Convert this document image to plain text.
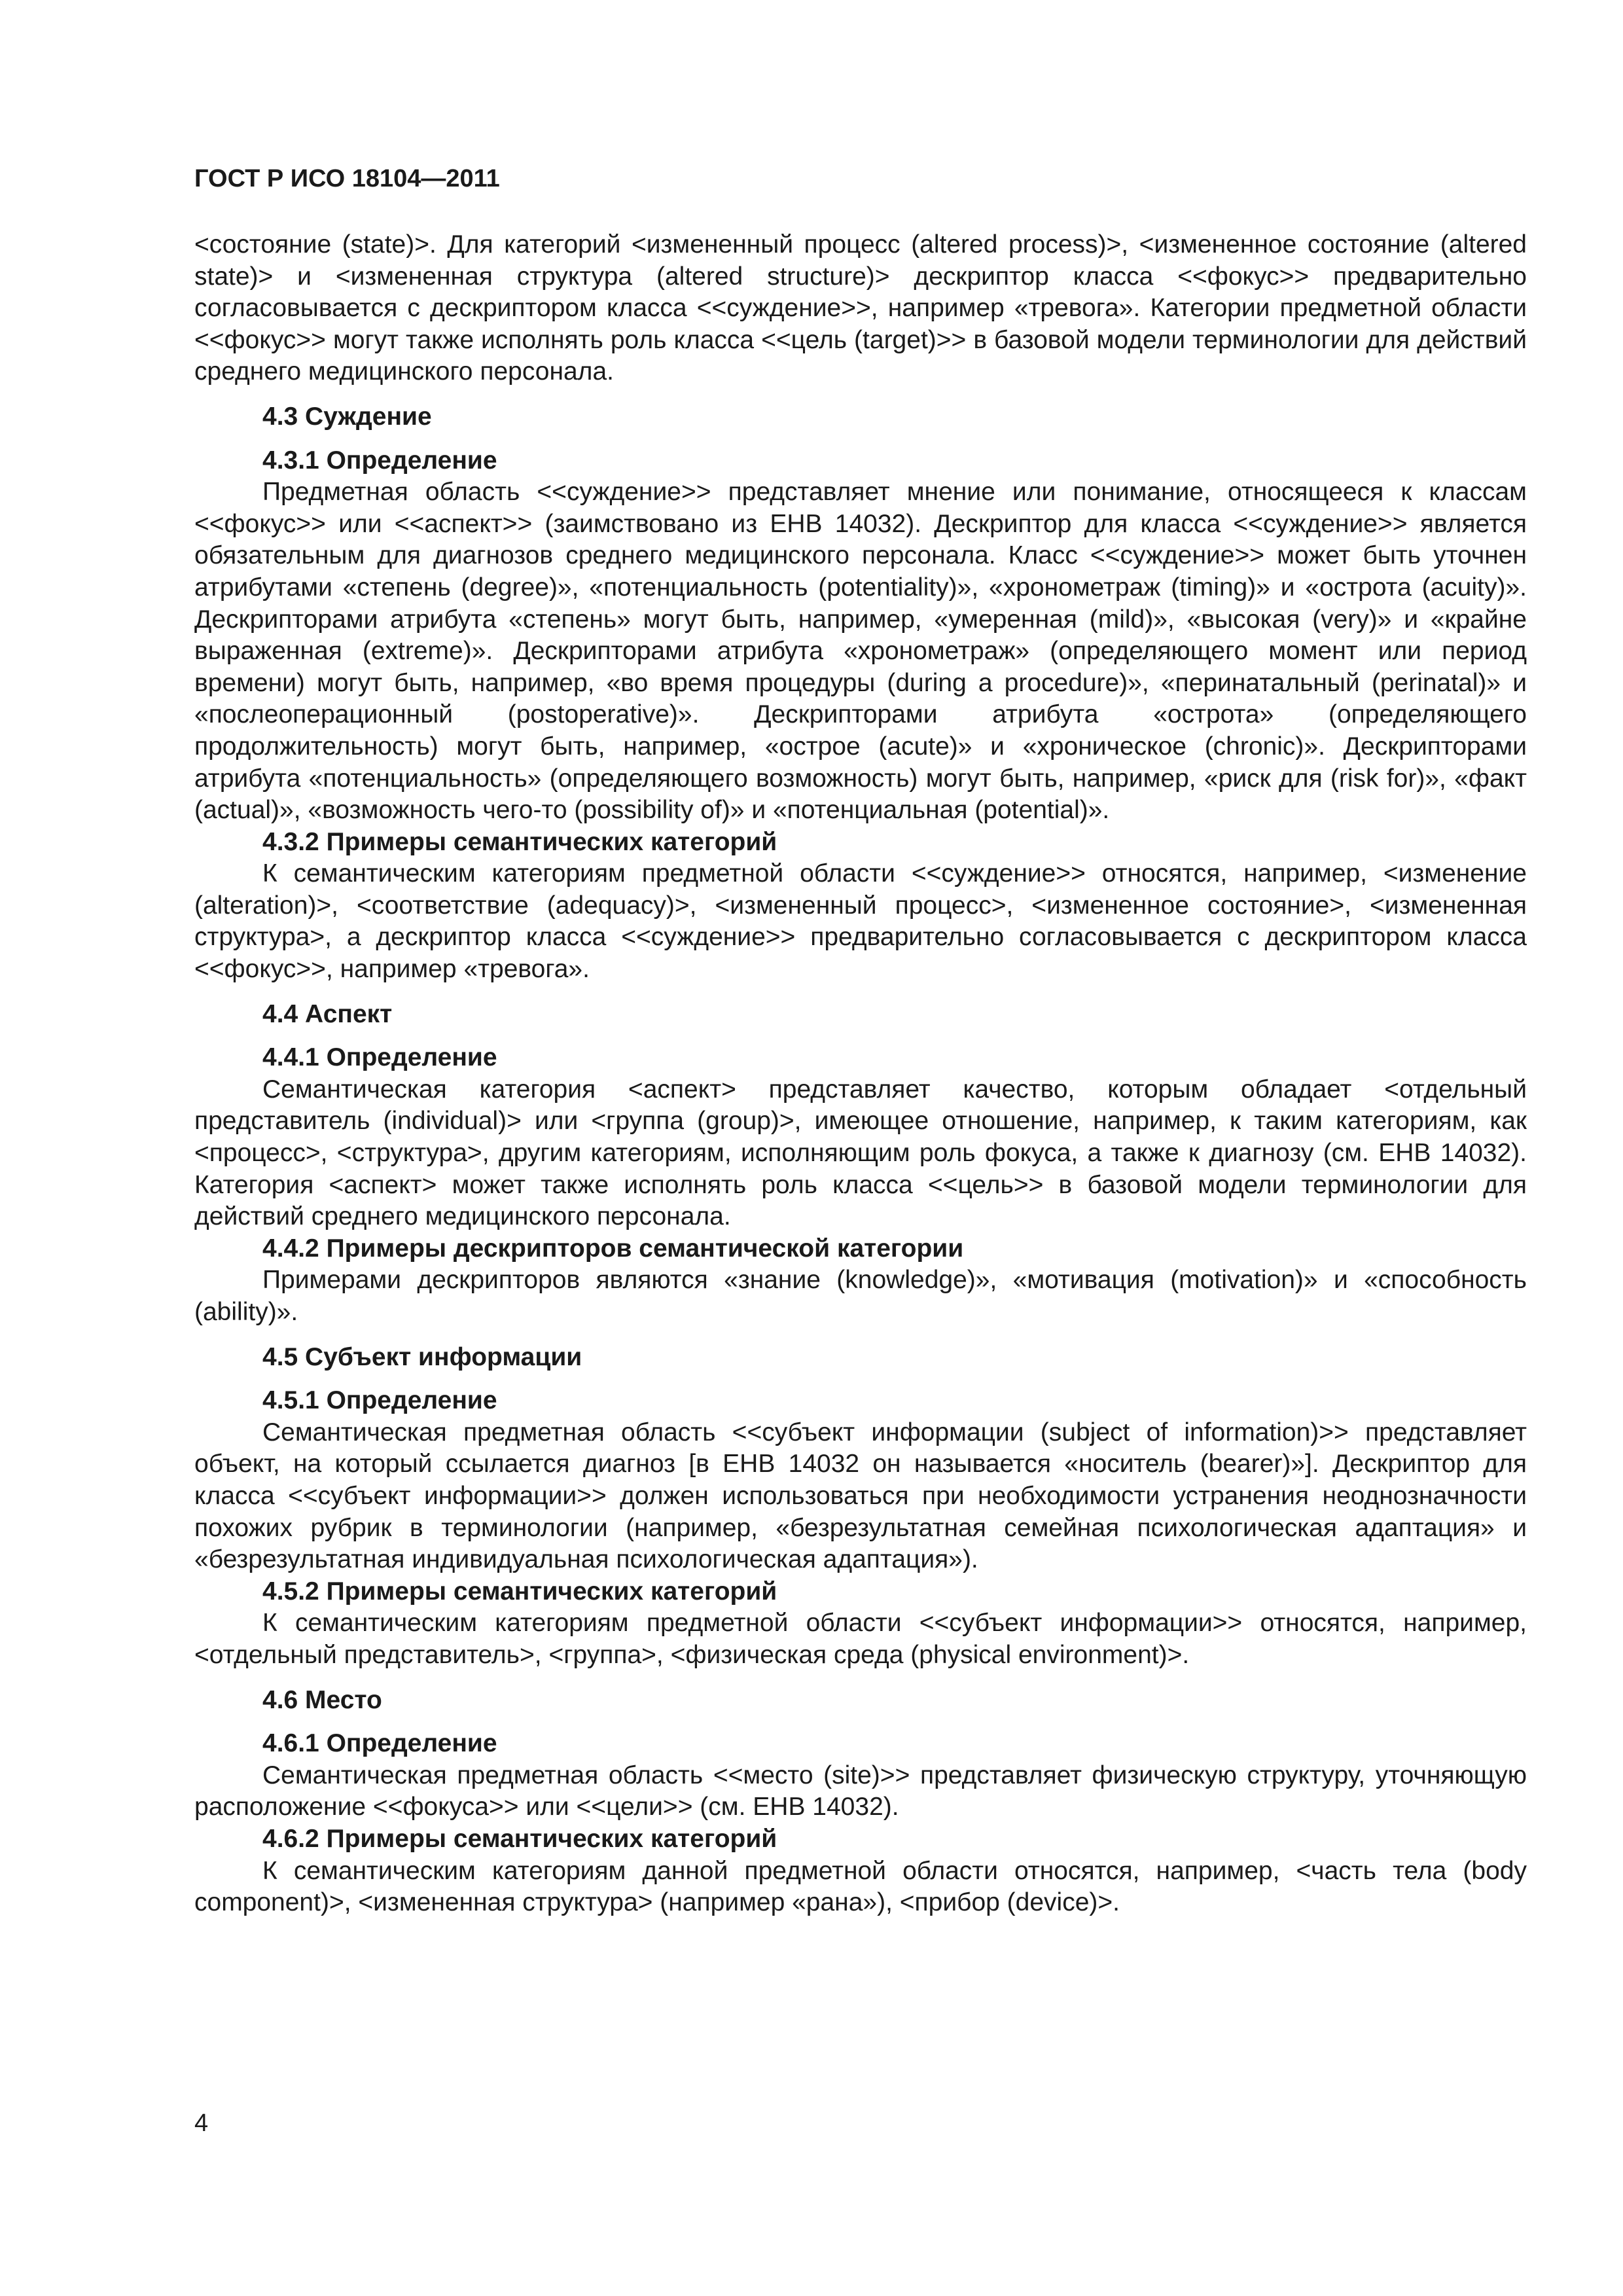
ГОСТ Р ИСО 18104—2011

<состояние (state)>. Для категорий <измененный процесс (altered process)>, <измененное состояние (altered state)> и <измененная структура (altered structure)> дескриптор класса <<фокус>> предварительно согласовывается с дескриптором класса <<суждение>>, например «тревога». Категории предметной области <<фокус>> могут также исполнять роль класса <<цель (target)>> в базовой модели терминологии для действий среднего медицинского персонала.

4.3 Суждение
4.3.1 Определение

Предметная область <<суждение>> представляет мнение или понимание, относящееся к классам <<фокус>> или <<аспект>> (заимствовано из ЕНВ 14032). Дескриптор для класса <<суждение>> является обязательным для диагнозов среднего медицинского персонала. Класс <<суждение>> может быть уточнен атрибутами «степень (degree)», «потенциальность (potentiality)», «хронометраж (timing)» и «острота (acuity)». Дескрипторами атрибута «степень» могут быть, например, «умеренная (mild)», «высокая (very)» и «крайне выраженная (extreme)». Дескрипторами атрибута «хронометраж» (определяющего момент или период времени) могут быть, например, «во время процедуры (during a procedure)», «перинатальный (perinatal)» и «послеоперационный (postoperative)». Дескрипторами атрибута «острота» (определяющего продолжительность) могут быть, например, «острое (acute)» и «хроническое (chronic)». Дескрипторами атрибута «потенциальность» (определяющего возможность) могут быть, например, «риск для (risk for)», «факт (actual)», «возможность чего-то (possibility of)» и «потенциальная (potential)».

4.3.2 Примеры семантических категорий

К семантическим категориям предметной области <<суждение>> относятся, например, <изменение (alteration)>, <соответствие (adequacy)>, <измененный процесс>, <измененное состояние>, <измененная структура>, а дескриптор класса <<суждение>> предварительно согласовывается с дескриптором класса <<фокус>>, например «тревога».

4.4 Аспект
4.4.1 Определение

Семантическая категория <аспект> представляет качество, которым обладает <отдельный представитель (individual)> или <группа (group)>, имеющее отношение, например, к таким категориям, как <процесс>, <структура>, другим категориям, исполняющим роль фокуса, а также к диагнозу (см. ЕНВ 14032). Категория <аспект> может также исполнять роль класса <<цель>> в базовой модели терминологии для действий среднего медицинского персонала.

4.4.2 Примеры дескрипторов семантической категории

Примерами дескрипторов являются «знание (knowledge)», «мотивация (motivation)» и «способность (ability)».

4.5 Субъект информации
4.5.1 Определение

Семантическая предметная область <<субъект информации (subject of information)>> представляет объект, на который ссылается диагноз [в ЕНВ 14032 он называется «носитель (bearer)»]. Дескриптор для класса <<субъект информации>> должен использоваться при необходимости устранения неоднозначности похожих рубрик в терминологии (например, «безрезультатная семейная психологическая адаптация» и «безрезультатная индивидуальная психологическая адаптация»).

4.5.2 Примеры семантических категорий

К семантическим категориям предметной области <<субъект информации>> относятся, например, <отдельный представитель>, <группа>, <физическая среда (physical environment)>.

4.6 Место
4.6.1 Определение

Семантическая предметная область <<место (site)>> представляет физическую структуру, уточняющую расположение <<фокуса>> или <<цели>> (см. ЕНВ 14032).

4.6.2 Примеры семантических категорий

К семантическим категориям данной предметной области относятся, например, <часть тела (body component)>, <измененная структура> (например «рана»), <прибор (device)>.

4
